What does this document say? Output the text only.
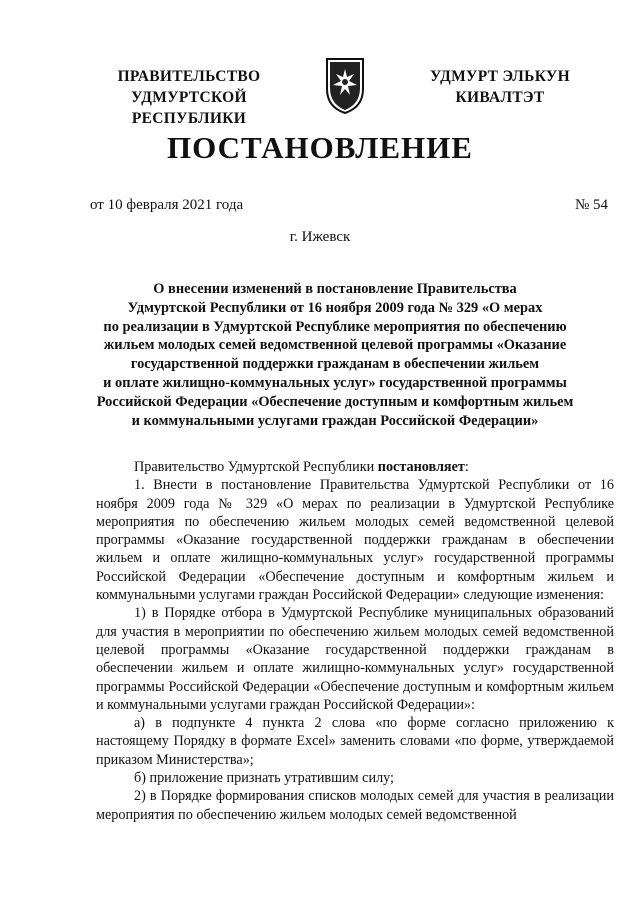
ПРАВИТЕЛЬСТВО
УДМУРТСКОЙ РЕСПУБЛИКИ
УДМУРТ ЭЛЬКУН
КИВАЛТЭТ
ПОСТАНОВЛЕНИЕ
от 10 февраля 2021 года	№ 54
г. Ижевск
О внесении изменений в постановление Правительства
Удмуртской Республики от 16 ноября 2009 года № 329 «О мерах
по реализации в Удмуртской Республике мероприятия по обеспечению
жильем молодых семей ведомственной целевой программы «Оказание
государственной поддержки гражданам в обеспечении жильем
и оплате жилищно-коммунальных услуг» государственной программы
Российской Федерации «Обеспечение доступным и комфортным жильем
и коммунальными услугами граждан Российской Федерации»

Правительство Удмуртской Республики постановляет:

1. Внести в постановление Правительства Удмуртской Республики от 16 ноября 2009 года № 329 «О мерах по реализации в Удмуртской Республике мероприятия по обеспечению жильем молодых семей ведомственной целевой программы «Оказание государственной поддержки гражданам в обеспечении жильем и оплате жилищно-коммунальных услуг» государственной программы Российской Федерации «Обеспечение доступным и комфортным жильем и коммунальными услугами граждан Российской Федерации» следующие изменения:

1) в Порядке отбора в Удмуртской Республике муниципальных образований для участия в мероприятии по обеспечению жильем молодых семей ведомственной целевой программы «Оказание государственной поддержки гражданам в обеспечении жильем и оплате жилищно-коммунальных услуг» государственной программы Российской Федерации «Обеспечение доступным и комфортным жильем и коммунальными услугами граждан Российской Федерации»:

а) в подпункте 4 пункта 2 слова «по форме согласно приложению к настоящему Порядку в формате Excel» заменить словами «по форме, утверждаемой приказом Министерства»;

б) приложение признать утратившим силу;

2) в Порядке формирования списков молодых семей для участия в реализации мероприятия по обеспечению жильем молодых семей ведомственной
